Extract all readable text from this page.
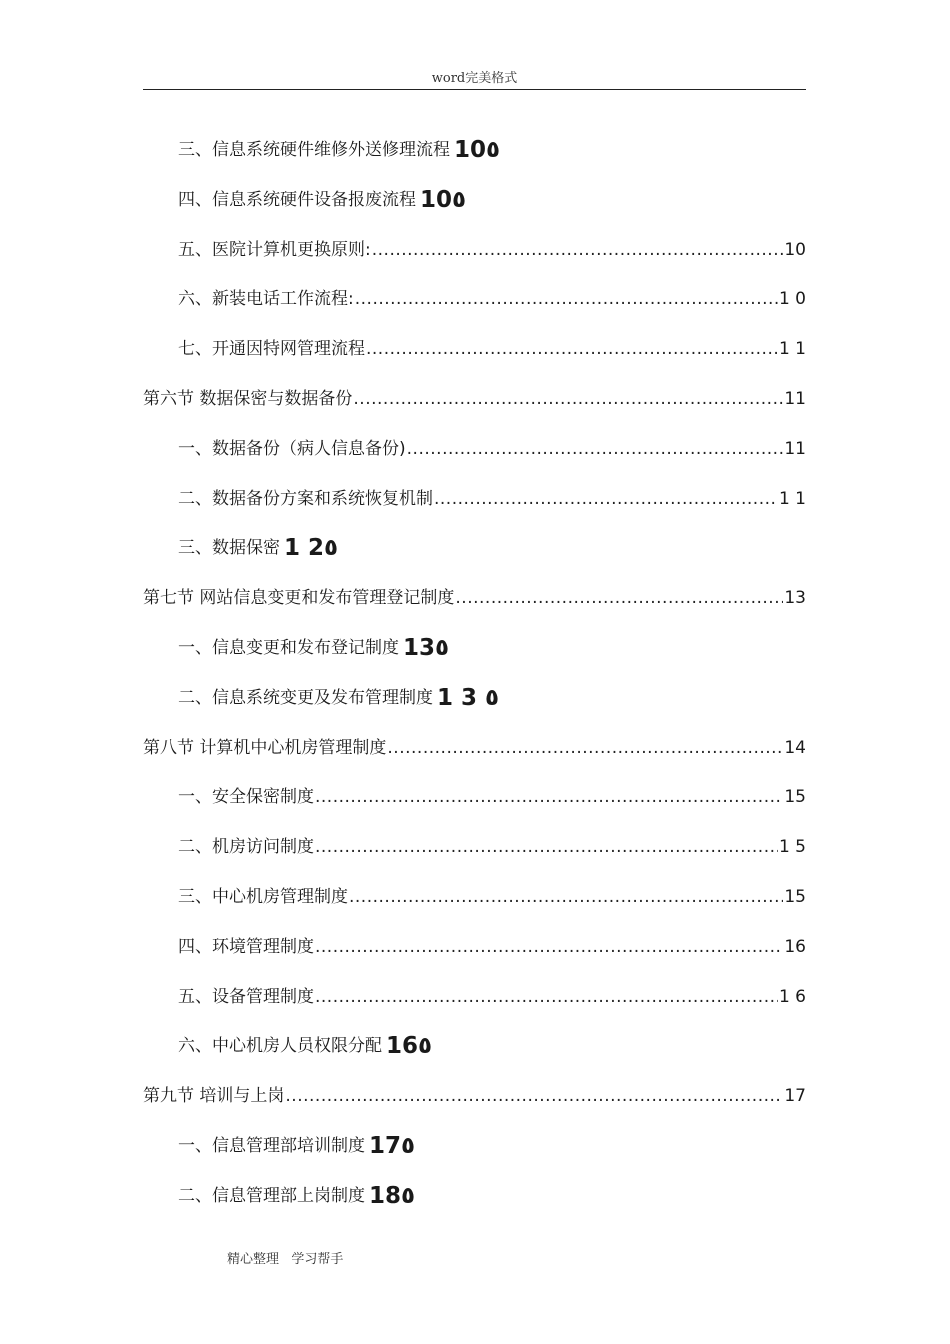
word完美格式
三、信息系统硬件维修外送修理流程 10٥
四、信息系统硬件设备报废流程 10٥
五、医院计算机更换原则: .....	10
六、新装电话工作流程: .....	1 0
七、开通因特网管理流程 .....	1 1
第六节 数据保密与数据备份 .....	11
一、数据备份（病人信息备份) .....	11
二、数据备份方案和系统恢复机制 .....	1 1
三、数据保密 1 2٥
第七节 网站信息变更和发布管理登记制度 .....	13
一、信息变更和发布登记制度 13٥
二、信息系统变更及发布管理制度 1 3 ٥
第八节 计算机中心机房管理制度 .....	14
一、安全保密制度 .....	15
二、机房访问制度 .....	1 5
三、中心机房管理制度 .....	15
四、环境管理制度 .....	16
五、设备管理制度 .....	1 6
六、中心机房人员权限分配 16٥
第九节 培训与上岗 .....	17
一、信息管理部培训制度 17٥
二、信息管理部上岗制度 18٥
精心整理   学习帮手
